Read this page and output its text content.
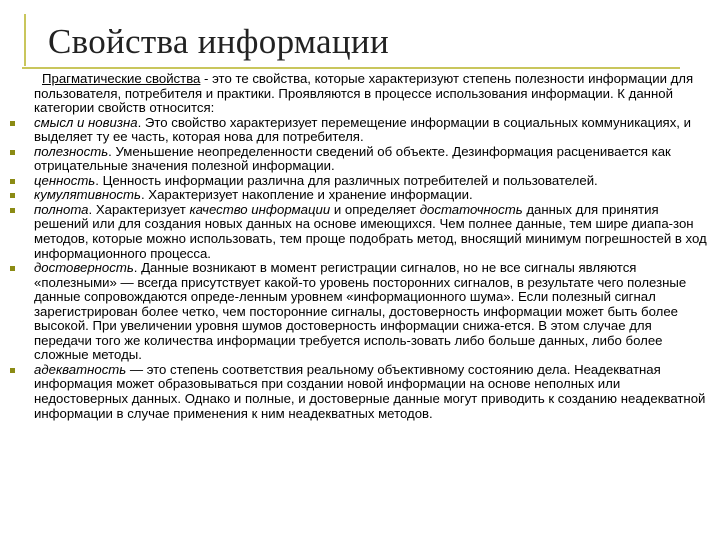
Свойства информации

Прагматические свойства - это те свойства, которые характеризуют степень полезности информации для пользователя, потребителя и практики. Проявляются в процессе использования информации. К данной категории свойств относится:

смысл и новизна. Это свойство характеризует перемещение информации в социальных коммуникациях, и выделяет ту ее часть, которая нова для потребителя.
полезность. Уменьшение неопределенности сведений об объекте. Дезинформация расценивается как отрицательные значения полезной информации.
ценность. Ценность информации различна для различных потребителей и пользователей.
кумулятивность. Характеризует накопление и хранение информации.
полнота. Характеризует качество информации и определяет достаточность данных для принятия решений или для создания новых данных на основе имеющихся. Чем полнее данные, тем шире диапа-зон методов, которые можно использовать, тем проще подобрать метод, вносящий минимум погрешностей в ход информационного процесса.
достоверность. Данные возникают в момент регистрации сигналов, но не все сигналы являются «полезными» — всегда присутствует какой-то уровень посторонних сигналов, в результате чего полезные данные сопровождаются опреде-ленным уровнем «информационного шума». Если полезный сигнал зарегистрирован более четко, чем посторонние сигналы, достоверность информации может быть более высокой. При увеличении уровня шумов достоверность информации снижа-ется. В этом случае для передачи того же количества информации требуется исполь-зовать либо больше данных, либо более сложные методы.
адекватность — это степень соответствия реальному объективному состоянию дела. Неадекватная информация может образовываться при создании новой информации на основе неполных или недостоверных данных. Однако и полные, и достоверные данные могут приводить к созданию неадекватной информации в случае применения к ним неадекватных методов.
